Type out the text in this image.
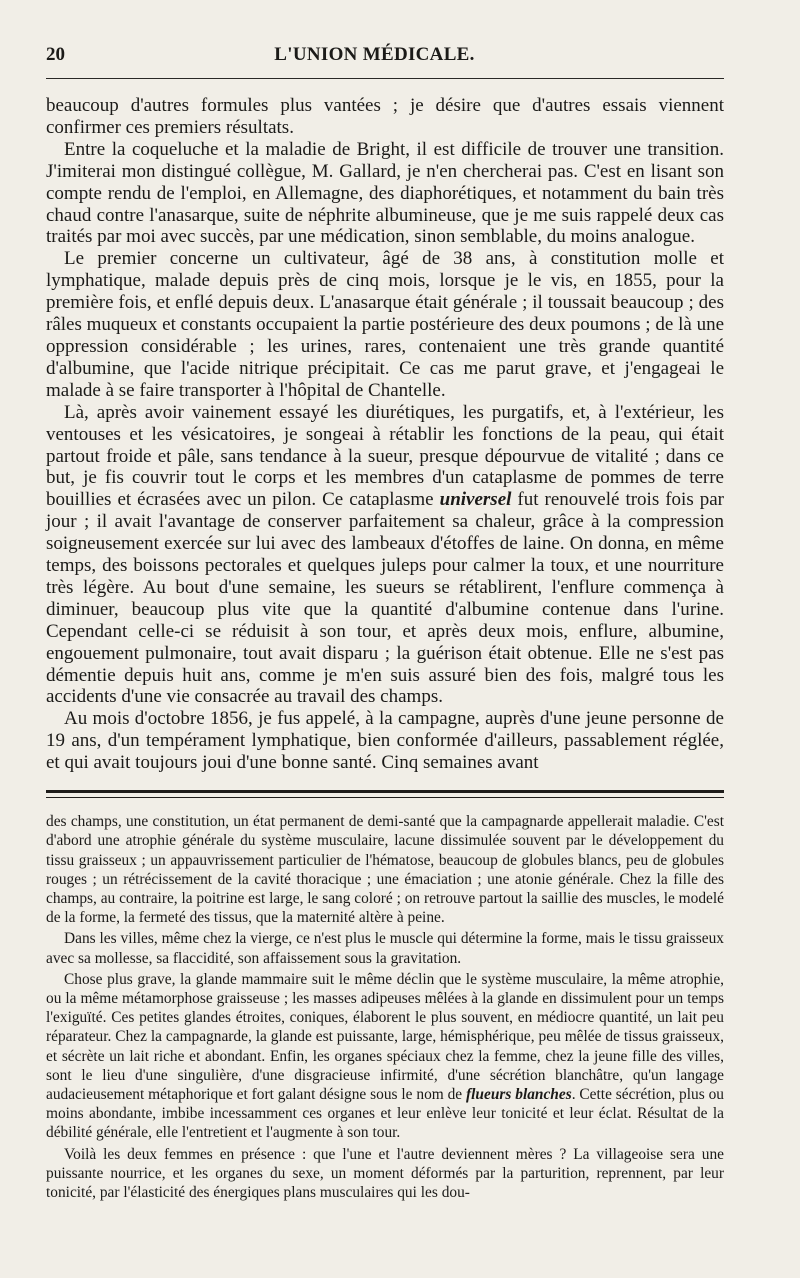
20	L'UNION MÉDICALE.

beaucoup d'autres formules plus vantées ; je désire que d'autres essais viennent confirmer ces premiers résultats.

Entre la coqueluche et la maladie de Bright, il est difficile de trouver une transition. J'imiterai mon distingué collègue, M. Gallard, je n'en chercherai pas. C'est en lisant son compte rendu de l'emploi, en Allemagne, des diaphorétiques, et notamment du bain très chaud contre l'anasarque, suite de néphrite albumineuse, que je me suis rappelé deux cas traités par moi avec succès, par une médication, sinon semblable, du moins analogue.

Le premier concerne un cultivateur, âgé de 38 ans, à constitution molle et lymphatique, malade depuis près de cinq mois, lorsque je le vis, en 1855, pour la première fois, et enflé depuis deux. L'anasarque était générale ; il toussait beaucoup ; des râles muqueux et constants occupaient la partie postérieure des deux poumons ; de là une oppression considérable ; les urines, rares, contenaient une très grande quantité d'albumine, que l'acide nitrique précipitait. Ce cas me parut grave, et j'engageai le malade à se faire transporter à l'hôpital de Chantelle.

Là, après avoir vainement essayé les diurétiques, les purgatifs, et, à l'extérieur, les ventouses et les vésicatoires, je songeai à rétablir les fonctions de la peau, qui était partout froide et pâle, sans tendance à la sueur, presque dépourvue de vitalité ; dans ce but, je fis couvrir tout le corps et les membres d'un cataplasme de pommes de terre bouillies et écrasées avec un pilon. Ce cataplasme universel fut renouvelé trois fois par jour ; il avait l'avantage de conserver parfaitement sa chaleur, grâce à la compression soigneusement exercée sur lui avec des lambeaux d'étoffes de laine. On donna, en même temps, des boissons pectorales et quelques juleps pour calmer la toux, et une nourriture très légère. Au bout d'une semaine, les sueurs se rétablirent, l'enflure commença à diminuer, beaucoup plus vite que la quantité d'albumine contenue dans l'urine. Cependant celle-ci se réduisit à son tour, et après deux mois, enflure, albumine, engouement pulmonaire, tout avait disparu ; la guérison était obtenue. Elle ne s'est pas démentie depuis huit ans, comme je m'en suis assuré bien des fois, malgré tous les accidents d'une vie consacrée au travail des champs.

Au mois d'octobre 1856, je fus appelé, à la campagne, auprès d'une jeune personne de 19 ans, d'un tempérament lymphatique, bien conformée d'ailleurs, passablement réglée, et qui avait toujours joui d'une bonne santé. Cinq semaines avant

des champs, une constitution, un état permanent de demi-santé que la campagnarde appellerait maladie. C'est d'abord une atrophie générale du système musculaire, lacune dissimulée souvent par le développement du tissu graisseux ; un appauvrissement particulier de l'hématose, beaucoup de globules blancs, peu de globules rouges ; un rétrécissement de la cavité thoracique ; une émaciation ; une atonie générale. Chez la fille des champs, au contraire, la poitrine est large, le sang coloré ; on retrouve partout la saillie des muscles, le modelé de la forme, la fermeté des tissus, que la maternité altère à peine.

Dans les villes, même chez la vierge, ce n'est plus le muscle qui détermine la forme, mais le tissu graisseux avec sa mollesse, sa flaccidité, son affaissement sous la gravitation.

Chose plus grave, la glande mammaire suit le même déclin que le système musculaire, la même atrophie, ou la même métamorphose graisseuse ; les masses adipeuses mêlées à la glande en dissimulent pour un temps l'exiguïté. Ces petites glandes étroites, coniques, élaborent le plus souvent, en médiocre quantité, un lait peu réparateur. Chez la campagnarde, la glande est puissante, large, hémisphérique, peu mêlée de tissus graisseux, et sécrète un lait riche et abondant. Enfin, les organes spéciaux chez la femme, chez la jeune fille des villes, sont le lieu d'une singulière, d'une disgracieuse infirmité, d'une sécrétion blanchâtre, qu'un langage audacieusement métaphorique et fort galant désigne sous le nom de flueurs blanches. Cette sécrétion, plus ou moins abondante, imbibe incessamment ces organes et leur enlève leur tonicité et leur éclat. Résultat de la débilité générale, elle l'entretient et l'augmente à son tour.

Voilà les deux femmes en présence : que l'une et l'autre deviennent mères ? La villageoise sera une puissante nourrice, et les organes du sexe, un moment déformés par la parturition, reprennent, par leur tonicité, par l'élasticité des énergiques plans musculaires qui les dou-
